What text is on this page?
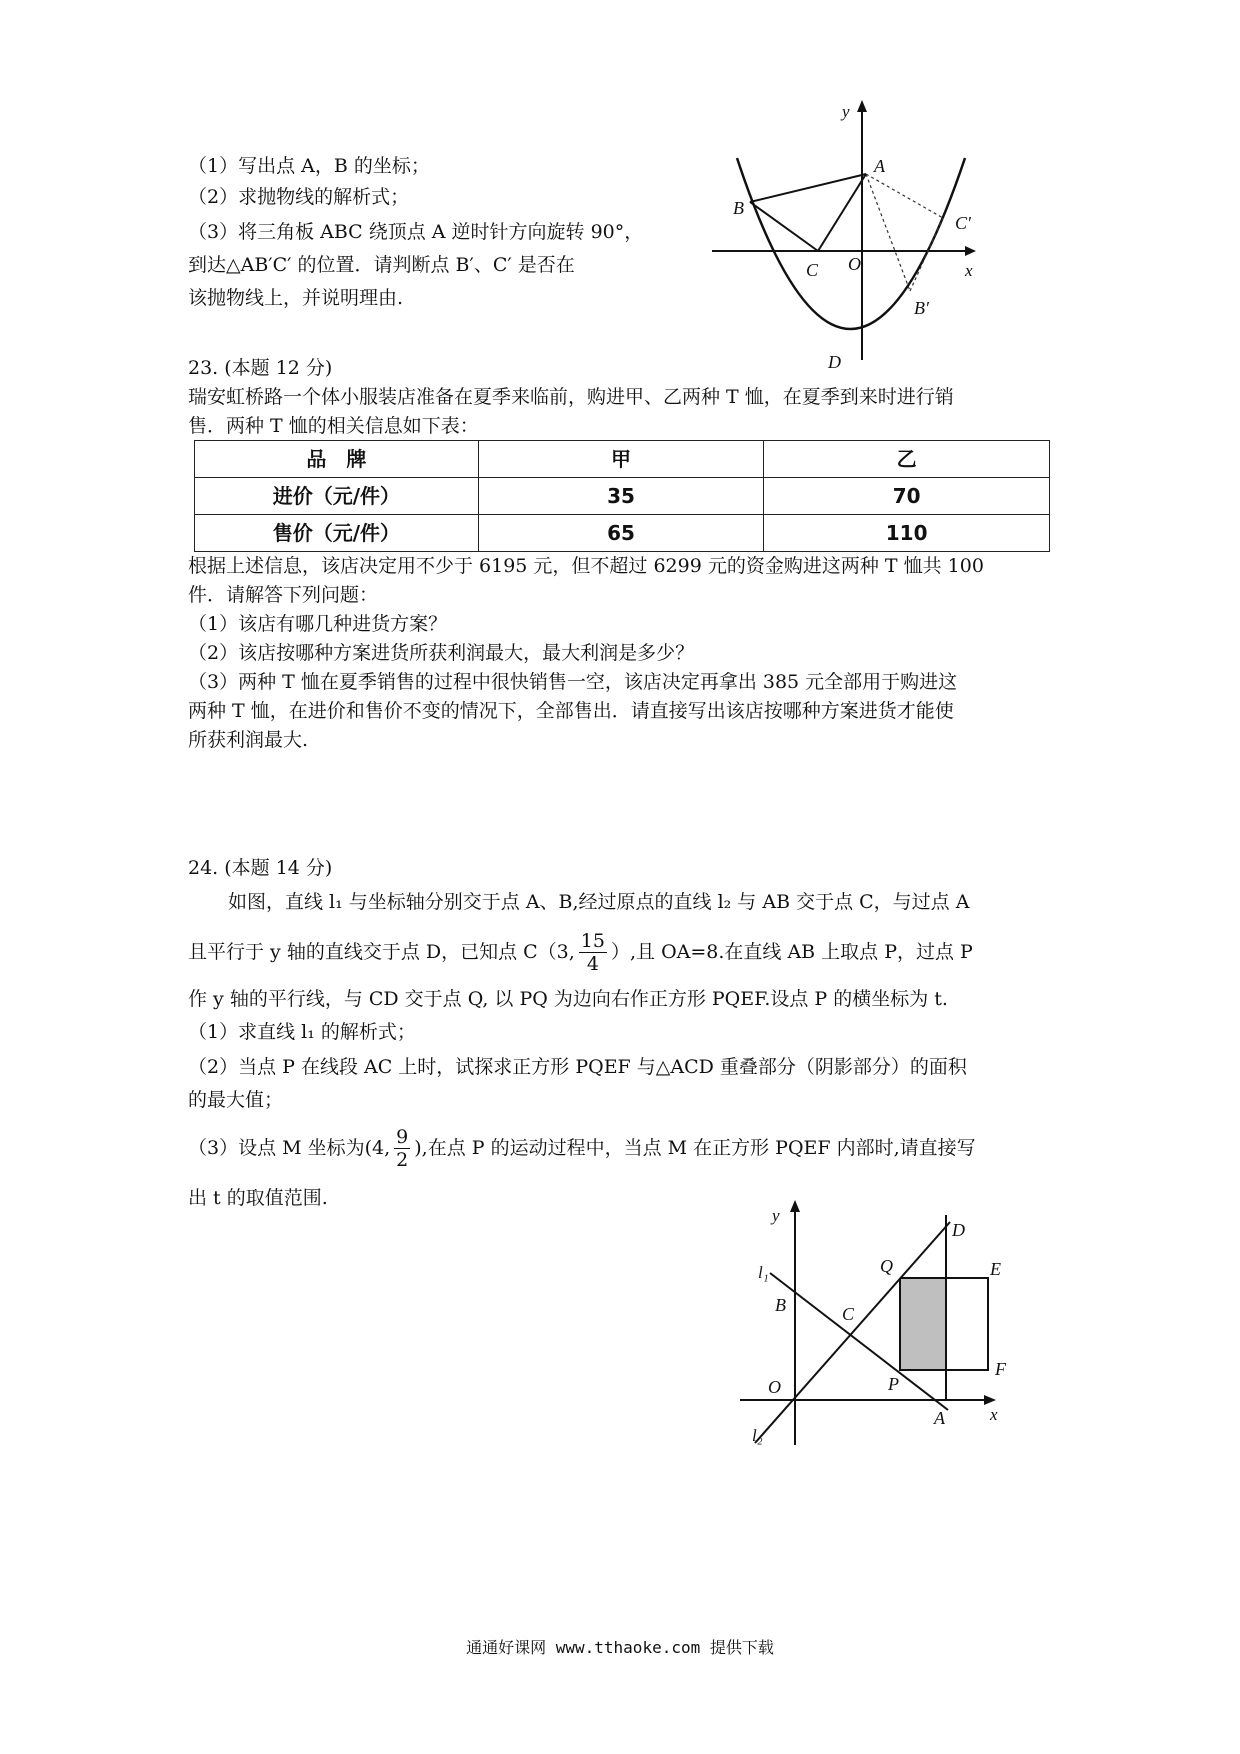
（1）写出点 A，B 的坐标；
（2）求抛物线的解析式；
（3）将三角板 ABC 绕顶点 A 逆时针方向旋转 90°，
到达△AB′C′ 的位置．请判断点 B′、C′ 是否在
该抛物线上，并说明理由.
y
A
B
C′
C O	x
B′
D
23. (本题 12 分)
瑞安虹桥路一个体小服装店准备在夏季来临前，购进甲、乙两种 T 恤，在夏季到来时进行销
售．两种 T 恤的相关信息如下表：
品　牌	甲	乙
进价（元/件）	35	70
售价（元/件）	65	110
根据上述信息，该店决定用不少于 6195 元，但不超过 6299 元的资金购进这两种 T 恤共 100
件．请解答下列问题：
（1）该店有哪几种进货方案？
（2）该店按哪种方案进货所获利润最大，最大利润是多少？
（3）两种 T 恤在夏季销售的过程中很快销售一空，该店决定再拿出 385 元全部用于购进这
两种 T 恤，在进价和售价不变的情况下，全部售出．请直接写出该店按哪种方案进货才能使
所获利润最大.
24. (本题 14 分)
如图，直线 l₁ 与坐标轴分别交于点 A、B,经过原点的直线 l₂ 与 AB 交于点 C，与过点 A
且平行于 y 轴的直线交于点 D，已知点 C（3, $\frac{15}{4}$ ）,且 OA=8.在直线 AB 上取点 P，过点 P
作 y 轴的平行线，与 CD 交于点 Q, 以 PQ 为边向右作正方形 PQEF.设点 P 的横坐标为 t.
（1）求直线 l₁ 的解析式；
（2）当点 P 在线段 AC 上时，试探求正方形 PQEF 与△ACD 重叠部分（阴影部分）的面积
的最大值；
（3）设点 M 坐标为(4, $\frac{9}{2}$ ),在点 P 的运动过程中，当点 M 在正方形 PQEF 内部时,请直接写
出 t 的取值范围.
y
D
Q	E
l₁
B	C
F
O	P
A	x
l₂
通通好课网 www.tthaoke.com 提供下载
